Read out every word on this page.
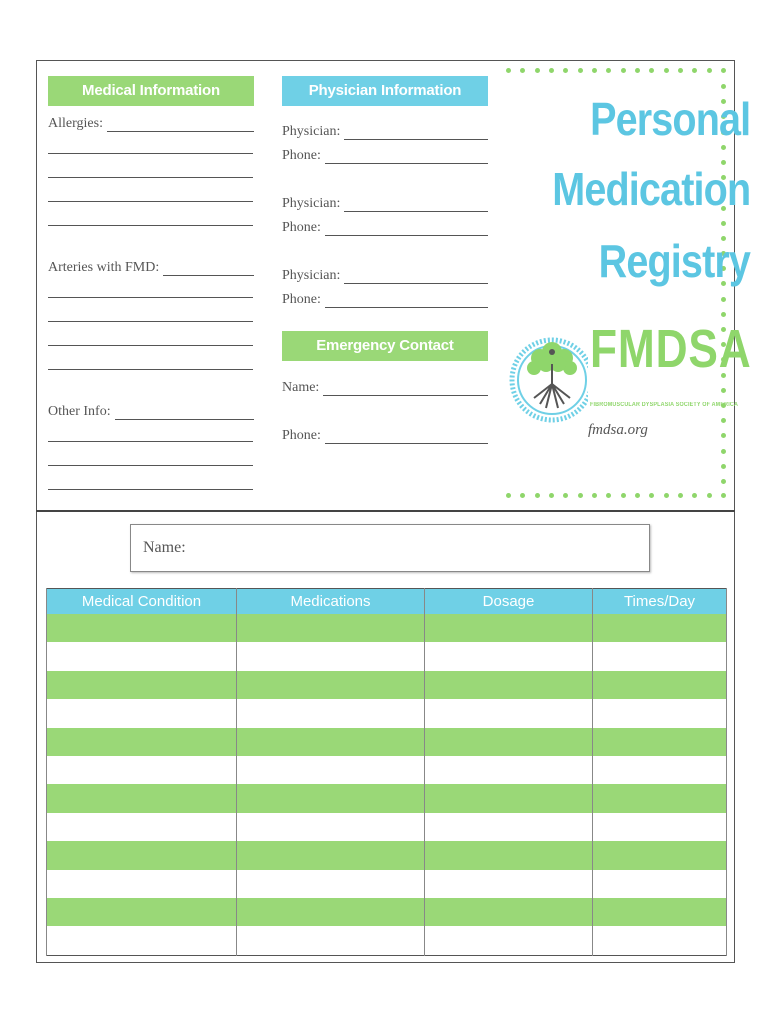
Medical Information
Allergies:
Arteries with FMD:
Other Info:
Physician Information
Physician:
Phone:
Physician:
Phone:
Physician:
Phone:
Emergency Contact
Name:
Phone:
Personal
Medication
Registry
FMDSA
FIBROMUSCULAR DYSPLASIA SOCIETY OF AMERICA
fmdsa.org
Name:
Medical Condition	Medications	Dosage	Times/Day
